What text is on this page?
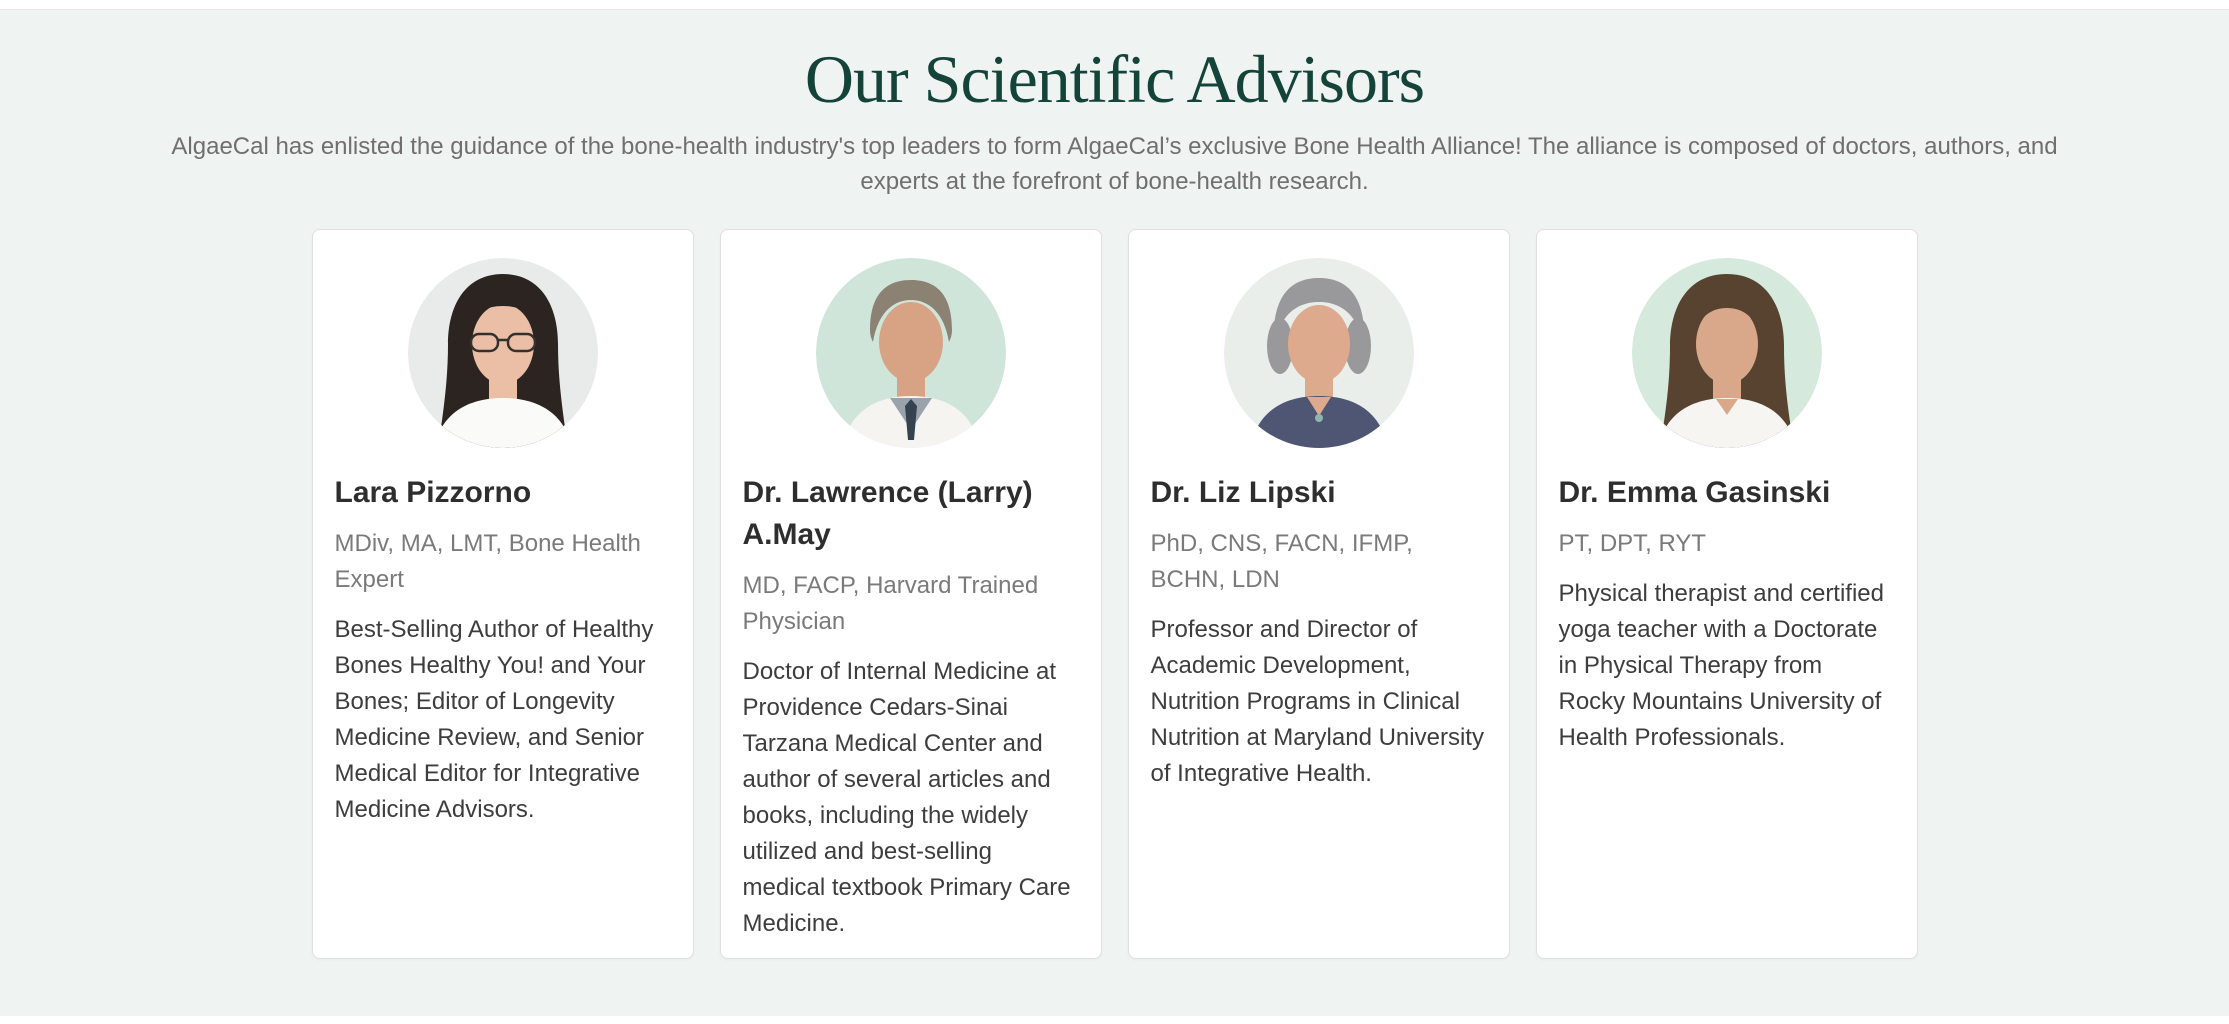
Our Scientific Advisors

AlgaeCal has enlisted the guidance of the bone-health industry's top leaders to form AlgaeCal’s exclusive Bone Health Alliance! The alliance is composed of doctors, authors, and experts at the forefront of bone-health research.

Lara Pizzorno

MDiv, MA, LMT, Bone Health Expert

Best-Selling Author of Healthy Bones Healthy You! and Your Bones; Editor of Longevity Medicine Review, and Senior Medical Editor for Integrative Medicine Advisors.

Dr. Lawrence (Larry) A.May

MD, FACP, Harvard Trained Physician

Doctor of Internal Medicine at Providence Cedars-Sinai Tarzana Medical Center and author of several articles and books, including the widely utilized and best-selling medical textbook Primary Care Medicine.

Dr. Liz Lipski

PhD, CNS, FACN, IFMP, BCHN, LDN

Professor and Director of Academic Development, Nutrition Programs in Clinical Nutrition at Maryland University of Integrative Health.

Dr. Emma Gasinski

PT, DPT, RYT

Physical therapist and certified yoga teacher with a Doctorate in Physical Therapy from Rocky Mountains University of Health Professionals.
